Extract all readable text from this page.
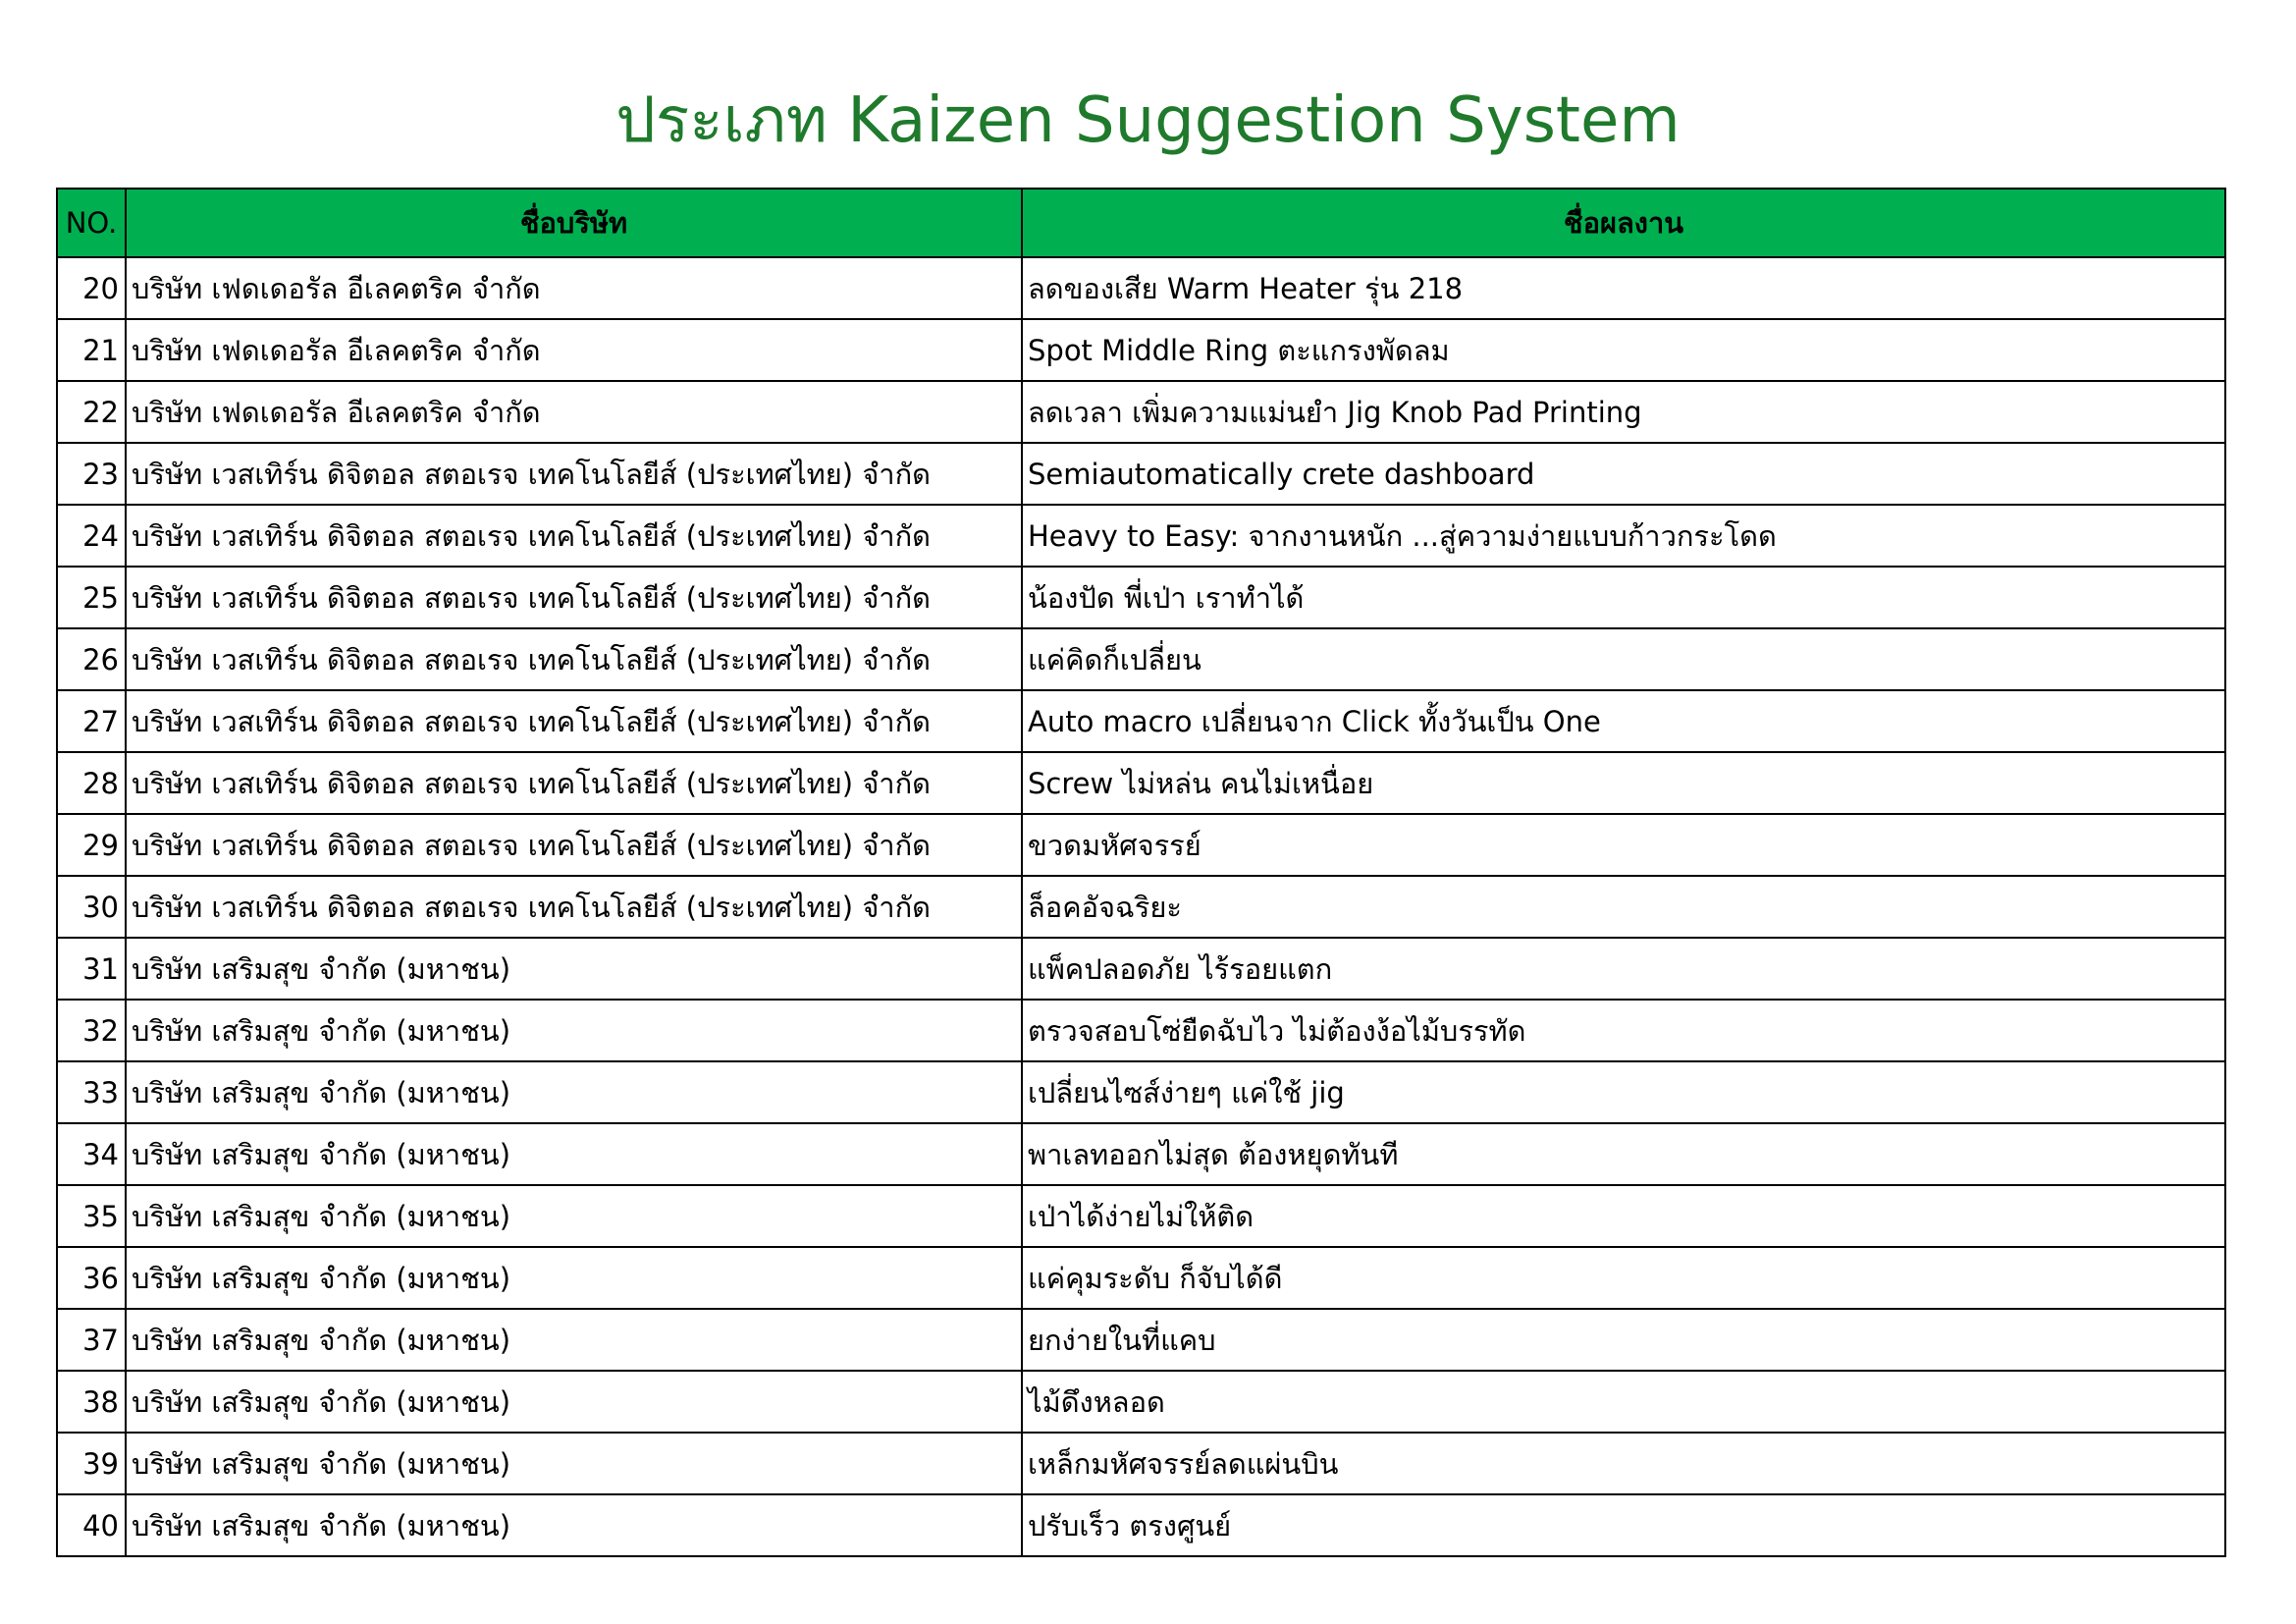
ประเภท Kaizen Suggestion System
NO.	ชื่อบริษัท	ชื่อผลงาน
20	บริษัท เฟดเดอรัล อีเลคตริค จำกัด	ลดของเสีย Warm Heater รุ่น 218
21	บริษัท เฟดเดอรัล อีเลคตริค จำกัด	Spot Middle Ring ตะแกรงพัดลม
22	บริษัท เฟดเดอรัล อีเลคตริค จำกัด	ลดเวลา เพิ่มความแม่นยำ Jig Knob Pad Printing
23	บริษัท เวสเทิร์น ดิจิตอล สตอเรจ เทคโนโลยีส์ (ประเทศไทย) จำกัด	Semiautomatically crete dashboard
24	บริษัท เวสเทิร์น ดิจิตอล สตอเรจ เทคโนโลยีส์ (ประเทศไทย) จำกัด	Heavy to Easy: จากงานหนัก ...สู่ความง่ายแบบก้าวกระโดด
25	บริษัท เวสเทิร์น ดิจิตอล สตอเรจ เทคโนโลยีส์ (ประเทศไทย) จำกัด	น้องปัด พี่เป่า เราทำได้
26	บริษัท เวสเทิร์น ดิจิตอล สตอเรจ เทคโนโลยีส์ (ประเทศไทย) จำกัด	แค่คิดก็เปลี่ยน
27	บริษัท เวสเทิร์น ดิจิตอล สตอเรจ เทคโนโลยีส์ (ประเทศไทย) จำกัด	Auto macro เปลี่ยนจาก Click ทั้งวันเป็น One
28	บริษัท เวสเทิร์น ดิจิตอล สตอเรจ เทคโนโลยีส์ (ประเทศไทย) จำกัด	Screw ไม่หล่น คนไม่เหนื่อย
29	บริษัท เวสเทิร์น ดิจิตอล สตอเรจ เทคโนโลยีส์ (ประเทศไทย) จำกัด	ขวดมหัศจรรย์
30	บริษัท เวสเทิร์น ดิจิตอล สตอเรจ เทคโนโลยีส์ (ประเทศไทย) จำกัด	ล็อคอัจฉริยะ
31	บริษัท เสริมสุข จำกัด (มหาชน)	แพ็คปลอดภัย ไร้รอยแตก
32	บริษัท เสริมสุข จำกัด (มหาชน)	ตรวจสอบโซ่ยืดฉับไว ไม่ต้องง้อไม้บรรทัด
33	บริษัท เสริมสุข จำกัด (มหาชน)	เปลี่ยนไซส์ง่ายๆ แค่ใช้ jig
34	บริษัท เสริมสุข จำกัด (มหาชน)	พาเลทออกไม่สุด ต้องหยุดทันที
35	บริษัท เสริมสุข จำกัด (มหาชน)	เป่าได้ง่ายไม่ให้ติด
36	บริษัท เสริมสุข จำกัด (มหาชน)	แค่คุมระดับ ก็จับได้ดี
37	บริษัท เสริมสุข จำกัด (มหาชน)	ยกง่ายในที่แคบ
38	บริษัท เสริมสุข จำกัด (มหาชน)	ไม้ดึงหลอด
39	บริษัท เสริมสุข จำกัด (มหาชน)	เหล็กมหัศจรรย์ลดแผ่นบิน
40	บริษัท เสริมสุข จำกัด (มหาชน)	ปรับเร็ว ตรงศูนย์
